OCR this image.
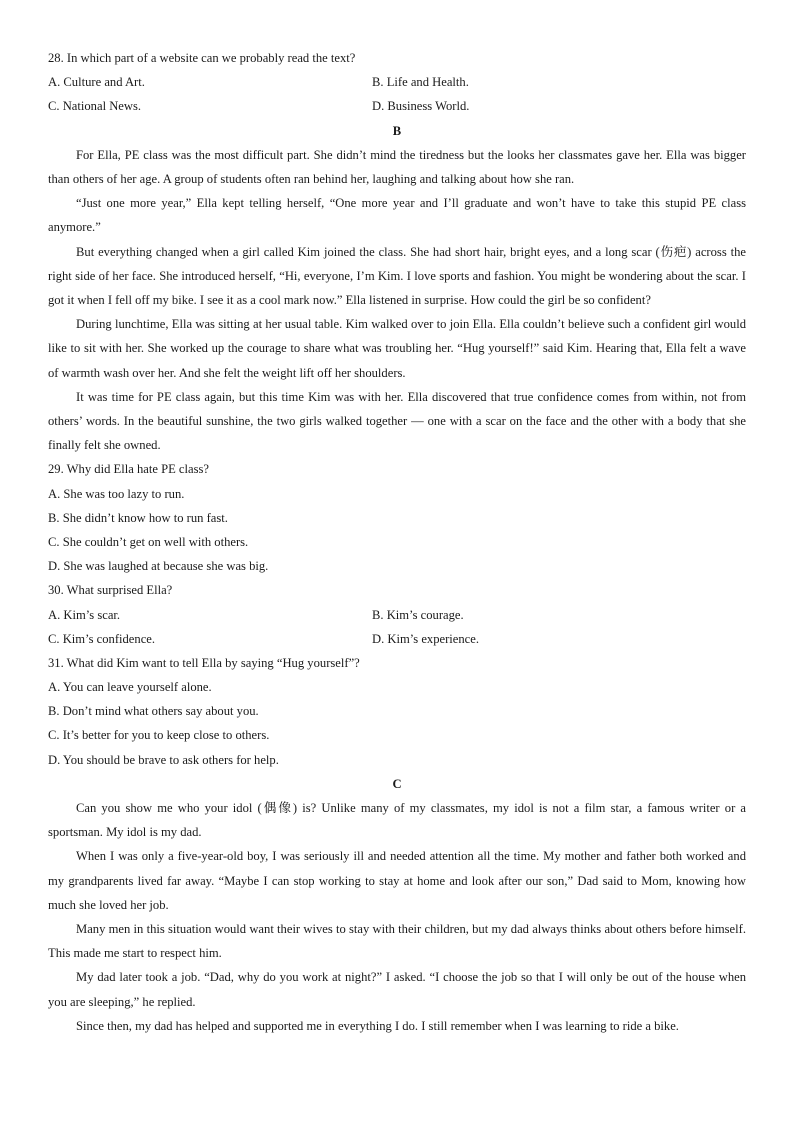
28. In which part of a website can we probably read the text?
A. Culture and Art.	B. Life and Health.
C. National News.	D. Business World.
B

For Ella, PE class was the most difficult part. She didn’t mind the tiredness but the looks her classmates gave her. Ella was bigger than others of her age. A group of students often ran behind her, laughing and talking about how she ran.

“Just one more year,” Ella kept telling herself, “One more year and I’ll graduate and won’t have to take this stupid PE class anymore.”

But everything changed when a girl called Kim joined the class. She had short hair, bright eyes, and a long scar (伤疤) across the right side of her face. She introduced herself, “Hi, everyone, I’m Kim. I love sports and fashion. You might be wondering about the scar. I got it when I fell off my bike. I see it as a cool mark now.” Ella listened in surprise. How could the girl be so confident?

During lunchtime, Ella was sitting at her usual table. Kim walked over to join Ella. Ella couldn’t believe such a confident girl would like to sit with her. She worked up the courage to share what was troubling her. “Hug yourself!” said Kim. Hearing that, Ella felt a wave of warmth wash over her. And she felt the weight lift off her shoulders.

It was time for PE class again, but this time Kim was with her. Ella discovered that true confidence comes from within, not from others’ words. In the beautiful sunshine, the two girls walked together — one with a scar on the face and the other with a body that she finally felt she owned.

29. Why did Ella hate PE class?
A. She was too lazy to run.
B. She didn’t know how to run fast.
C. She couldn’t get on well with others.
D. She was laughed at because she was big.
30. What surprised Ella?
A. Kim’s scar.	B. Kim’s courage.
C. Kim’s confidence.	D. Kim’s experience.
31. What did Kim want to tell Ella by saying “Hug yourself”?
A. You can leave yourself alone.
B. Don’t mind what others say about you.
C. It’s better for you to keep close to others.
D. You should be brave to ask others for help.
C

Can you show me who your idol (偶像) is? Unlike many of my classmates, my idol is not a film star, a famous writer or a sportsman. My idol is my dad.

When I was only a five-year-old boy, I was seriously ill and needed attention all the time. My mother and father both worked and my grandparents lived far away. “Maybe I can stop working to stay at home and look after our son,” Dad said to Mom, knowing how much she loved her job.

Many men in this situation would want their wives to stay with their children, but my dad always thinks about others before himself. This made me start to respect him.

My dad later took a job. “Dad, why do you work at night?” I asked. “I choose the job so that I will only be out of the house when you are sleeping,” he replied.

Since then, my dad has helped and supported me in everything I do. I still remember when I was learning to ride a bike.
